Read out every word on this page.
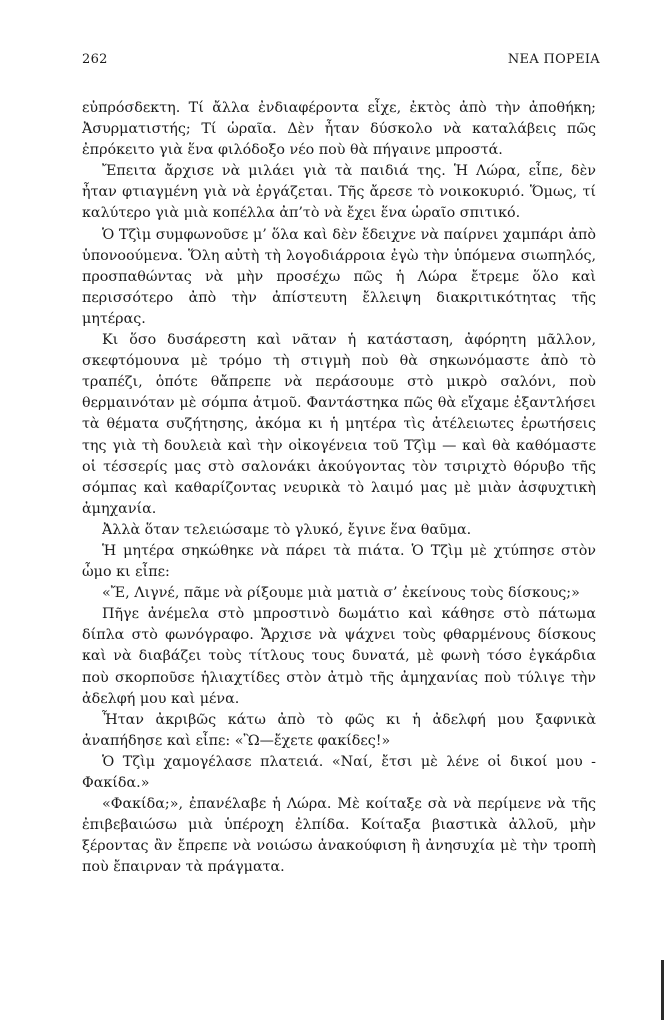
262	ΝΕΑ ΠΟΡΕΙΑ

εὐπρόσδεκτη. Τί ἄλλα ἐνδιαφέροντα εἶχε, ἐκτὸς ἀπὸ τὴν ἀποθήκη; Ἀσυρματιστής; Τί ὡραῖα. Δὲν ἦταν δύσκολο νὰ καταλάβεις πῶς ἐπρόκειτο γιὰ ἕνα φιλόδοξο νέο ποὺ θὰ πήγαινε μπροστά.

Ἔπειτα ἄρχισε νὰ μιλάει γιὰ τὰ παιδιά της. Ἡ Λώρα, εἶπε, δὲν ἦταν φτιαγμένη γιὰ νὰ ἐργάζεται. Τῆς ἄρεσε τὸ νοικοκυριό. Ὅμως, τί καλύτερο γιὰ μιὰ κοπέλλα ἀπ’τὸ νὰ ἔχει ἕνα ὡραῖο σπιτικό.

Ὁ Τζὶμ συμφωνοῦσε μ’ ὅλα καὶ δὲν ἔδειχνε νὰ παίρνει χαμπάρι ἀπὸ ὑπονοούμενα. Ὅλη αὐτὴ τὴ λογοδιάρροια ἐγὼ τὴν ὑπόμενα σιωπηλός, προσπαθώντας νὰ μὴν προσέχω πῶς ἡ Λώρα ἔτρεμε ὅλο καὶ περισσότερο ἀπὸ τὴν ἀπίστευτη ἔλλειψη διακριτικότητας τῆς μητέρας.

Κι ὅσο δυσάρεστη καὶ νᾶταν ἡ κατάσταση, ἀφόρητη μᾶλλον, σκεφτόμουνα μὲ τρόμο τὴ στιγμὴ ποὺ θὰ σηκωνόμαστε ἀπὸ τὸ τραπέζι, ὁπότε θἄπρεπε νὰ περάσουμε στὸ μικρὸ σαλόνι, ποὺ θερμαινόταν μὲ σόμπα ἀτμοῦ. Φαντάστηκα πῶς θὰ εἴχαμε ἐξαντλήσει τὰ θέματα συζήτησης, ἀκόμα κι ἡ μητέρα τὶς ἀτέλειωτες ἐρωτήσεις της γιὰ τὴ δουλειὰ καὶ τὴν οἰκογένεια τοῦ Τζὶμ — καὶ θὰ καθόμαστε οἱ τέσσερίς μας στὸ σαλονάκι ἀκούγοντας τὸν τσιριχτὸ θόρυβο τῆς σόμπας καὶ καθαρίζοντας νευρικὰ τὸ λαιμό μας μὲ μιὰν ἀσφυχτικὴ ἀμηχανία.

Ἀλλὰ ὅταν τελειώσαμε τὸ γλυκό, ἔγινε ἕνα θαῦμα.

Ἡ μητέρα σηκώθηκε νὰ πάρει τὰ πιάτα. Ὁ Τζὶμ μὲ χτύπησε στὸν ὦμο κι εἶπε:

«Ἔ, Λιγνέ, πᾶμε νὰ ρίξουμε μιὰ ματιὰ σ’ ἐκείνους τοὺς δίσκους;»

Πῆγε ἀνέμελα στὸ μπροστινὸ δωμάτιο καὶ κάθησε στὸ πάτωμα δίπλα στὸ φωνόγραφο. Ἄρχισε νὰ ψάχνει τοὺς φθαρμένους δίσκους καὶ νὰ διαβάζει τοὺς τίτλους τους δυνατά, μὲ φωνὴ τόσο ἐγκάρδια ποὺ σκορποῦσε ἡλιαχτίδες στὸν ἀτμὸ τῆς ἀμηχανίας ποὺ τύλιγε τὴν ἀδελφή μου καὶ μένα.

Ἦταν ἀκριβῶς κάτω ἀπὸ τὸ φῶς κι ἡ ἀδελφή μου ξαφνικὰ ἀναπήδησε καὶ εἶπε: «Ὢ—ἔχετε φακίδες!»

Ὁ Τζὶμ χαμογέλασε πλατειά. «Ναί, ἔτσι μὲ λένε οἱ δικοί μου - Φακίδα.»

«Φακίδα;», ἐπανέλαβε ἡ Λώρα. Μὲ κοίταξε σὰ νὰ περίμενε νὰ τῆς ἐπιβεβαιώσω μιὰ ὑπέροχη ἐλπίδα. Κοίταξα βιαστικὰ ἀλλοῦ, μὴν ξέροντας ἂν ἔπρεπε νὰ νοιώσω ἀνακούφιση ἢ ἀνησυχία μὲ τὴν τροπὴ ποὺ ἔπαιρναν τὰ πράγματα.
